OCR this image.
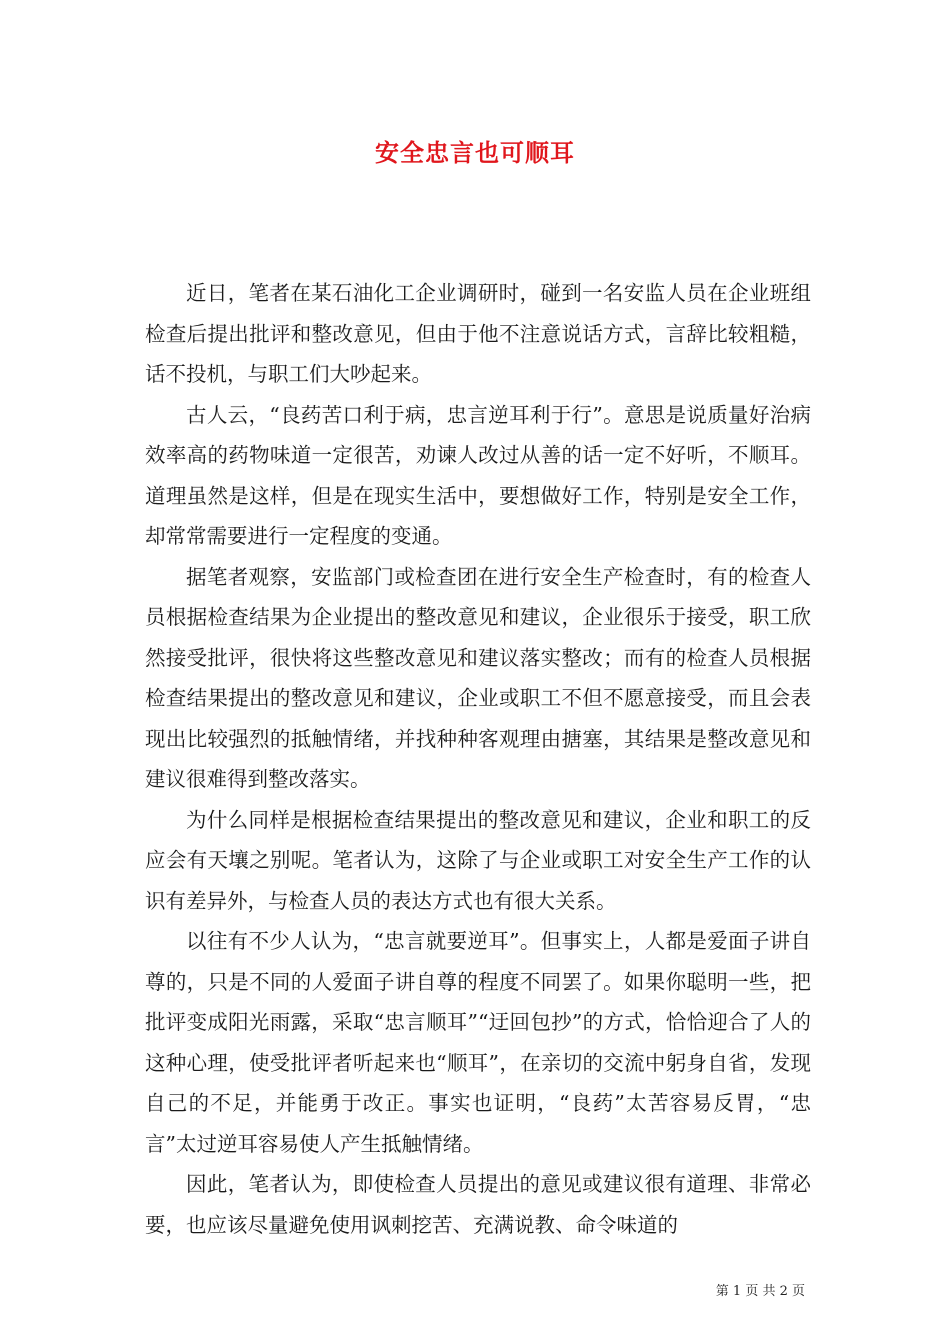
安全忠言也可顺耳

近日，笔者在某石油化工企业调研时，碰到一名安监人员在企业班组检查后提出批评和整改意见，但由于他不注意说话方式，言辞比较粗糙，话不投机，与职工们大吵起来。

古人云，“良药苦口利于病，忠言逆耳利于行”。意思是说质量好治病效率高的药物味道一定很苦，劝谏人改过从善的话一定不好听，不顺耳。道理虽然是这样，但是在现实生活中，要想做好工作，特别是安全工作，却常常需要进行一定程度的变通。

据笔者观察，安监部门或检查团在进行安全生产检查时，有的检查人员根据检查结果为企业提出的整改意见和建议，企业很乐于接受，职工欣然接受批评，很快将这些整改意见和建议落实整改；而有的检查人员根据检查结果提出的整改意见和建议，企业或职工不但不愿意接受，而且会表现出比较强烈的抵触情绪，并找种种客观理由搪塞，其结果是整改意见和建议很难得到整改落实。

为什么同样是根据检查结果提出的整改意见和建议，企业和职工的反应会有天壤之别呢。笔者认为，这除了与企业或职工对安全生产工作的认识有差异外，与检查人员的表达方式也有很大关系。

以往有不少人认为，“忠言就要逆耳”。但事实上，人都是爱面子讲自尊的，只是不同的人爱面子讲自尊的程度不同罢了。如果你聪明一些，把批评变成阳光雨露，采取“忠言顺耳”“迂回包抄”的方式，恰恰迎合了人的这种心理，使受批评者听起来也“顺耳”，在亲切的交流中躬身自省，发现自己的不足，并能勇于改正。事实也证明，“良药”太苦容易反胃，“忠言”太过逆耳容易使人产生抵触情绪。

因此，笔者认为，即使检查人员提出的意见或建议很有道理、非常必要，也应该尽量避免使用讽刺挖苦、充满说教、命令味道的

第 1 页 共 2 页
